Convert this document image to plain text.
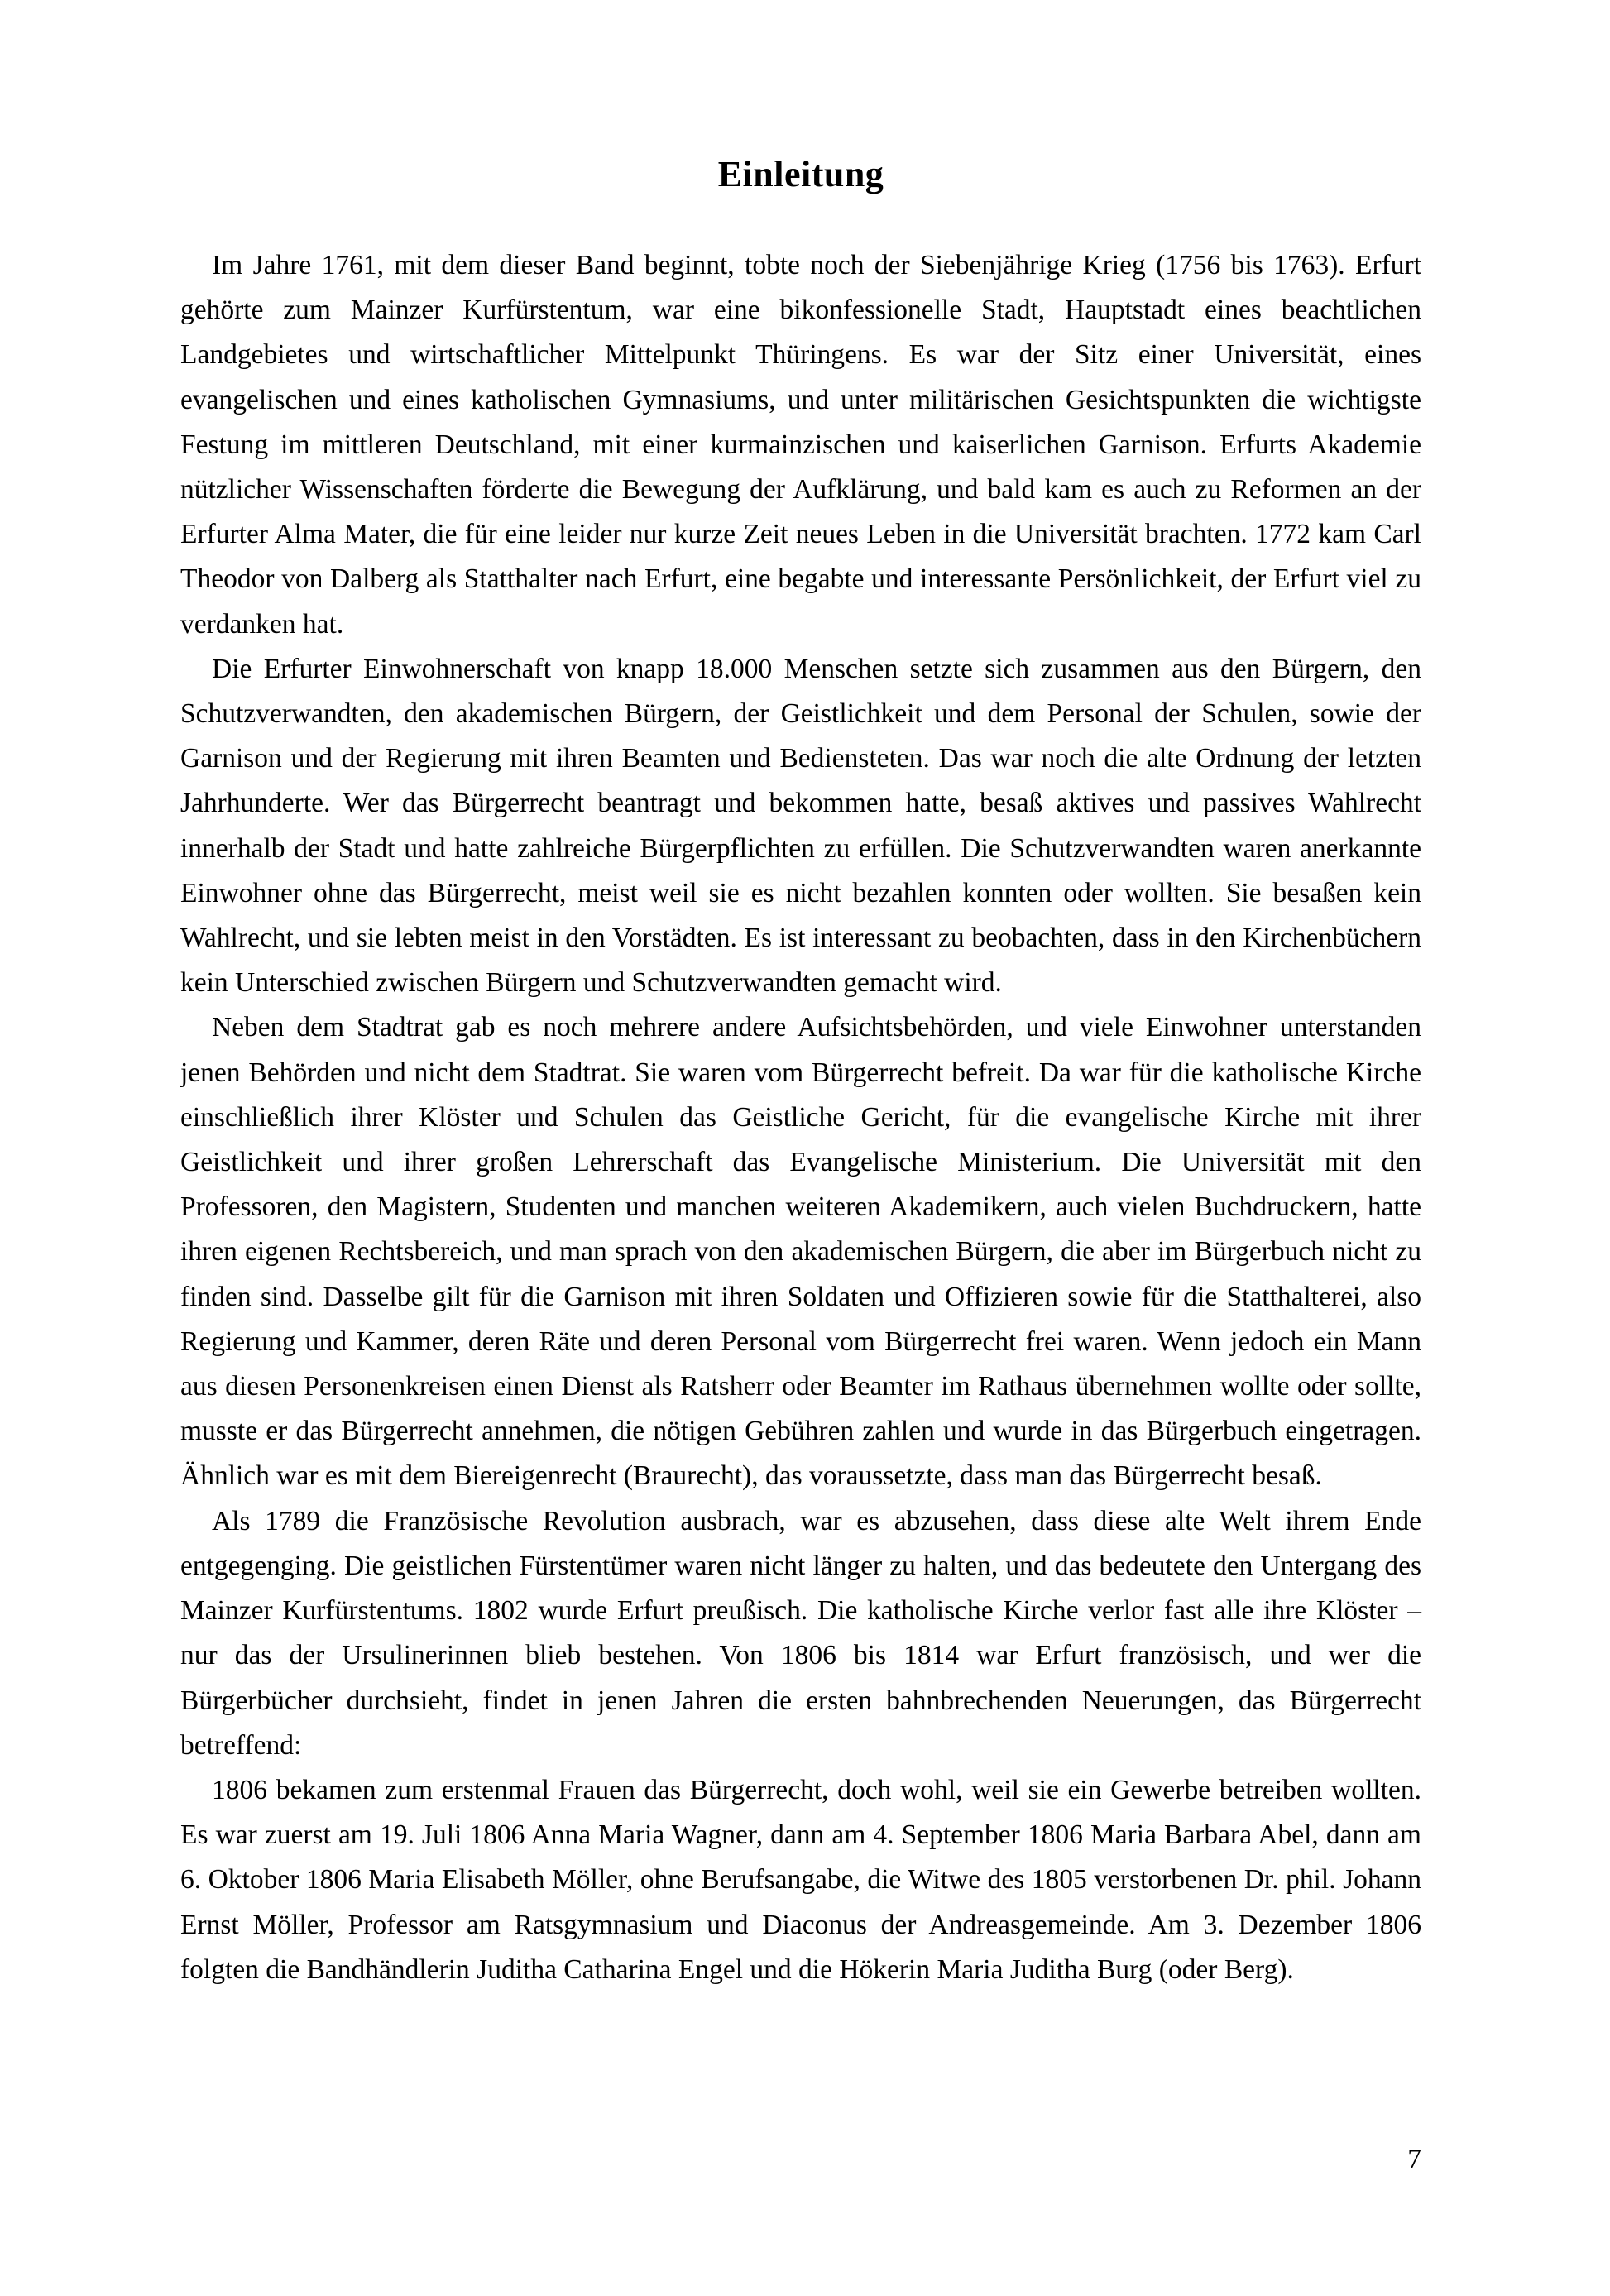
Einleitung

Im Jahre 1761, mit dem dieser Band beginnt, tobte noch der Siebenjährige Krieg (1756 bis 1763). Erfurt gehörte zum Mainzer Kurfürstentum, war eine bikonfessionelle Stadt, Hauptstadt eines beachtlichen Landgebietes und wirtschaftlicher Mittelpunkt Thüringens. Es war der Sitz einer Universität, eines evangelischen und eines katholischen Gymnasiums, und unter militärischen Gesichtspunkten die wichtigste Festung im mittleren Deutschland, mit einer kurmainzischen und kaiserlichen Garnison. Erfurts Akademie nützlicher Wissenschaften förderte die Bewegung der Aufklärung, und bald kam es auch zu Reformen an der Erfurter Alma Mater, die für eine leider nur kurze Zeit neues Leben in die Universität brachten. 1772 kam Carl Theodor von Dalberg als Statthalter nach Erfurt, eine begabte und interessante Persönlichkeit, der Erfurt viel zu verdanken hat.

Die Erfurter Einwohnerschaft von knapp 18.000 Menschen setzte sich zusammen aus den Bürgern, den Schutzverwandten, den akademischen Bürgern, der Geistlichkeit und dem Personal der Schulen, sowie der Garnison und der Regierung mit ihren Beamten und Bediensteten. Das war noch die alte Ordnung der letzten Jahrhunderte. Wer das Bürgerrecht beantragt und bekommen hatte, besaß aktives und passives Wahlrecht innerhalb der Stadt und hatte zahlreiche Bürgerpflichten zu erfüllen. Die Schutzverwandten waren anerkannte Einwohner ohne das Bürgerrecht, meist weil sie es nicht bezahlen konnten oder wollten. Sie besaßen kein Wahlrecht, und sie lebten meist in den Vorstädten. Es ist interessant zu beobachten, dass in den Kirchenbüchern kein Unterschied zwischen Bürgern und Schutzverwandten gemacht wird.

Neben dem Stadtrat gab es noch mehrere andere Aufsichtsbehörden, und viele Einwohner unterstanden jenen Behörden und nicht dem Stadtrat. Sie waren vom Bürgerrecht befreit. Da war für die katholische Kirche einschließlich ihrer Klöster und Schulen das Geistliche Gericht, für die evangelische Kirche mit ihrer Geistlichkeit und ihrer großen Lehrerschaft das Evangelische Ministerium. Die Universität mit den Professoren, den Magistern, Studenten und manchen weiteren Akademikern, auch vielen Buchdruckern, hatte ihren eigenen Rechtsbereich, und man sprach von den akademischen Bürgern, die aber im Bürgerbuch nicht zu finden sind. Dasselbe gilt für die Garnison mit ihren Soldaten und Offizieren sowie für die Statthalterei, also Regierung und Kammer, deren Räte und deren Personal vom Bürgerrecht frei waren. Wenn jedoch ein Mann aus diesen Personenkreisen einen Dienst als Ratsherr oder Beamter im Rathaus übernehmen wollte oder sollte, musste er das Bürgerrecht annehmen, die nötigen Gebühren zahlen und wurde in das Bürgerbuch eingetragen. Ähnlich war es mit dem Biereigenrecht (Braurecht), das voraussetzte, dass man das Bürgerrecht besaß.

Als 1789 die Französische Revolution ausbrach, war es abzusehen, dass diese alte Welt ihrem Ende entgegenging. Die geistlichen Fürstentümer waren nicht länger zu halten, und das bedeutete den Untergang des Mainzer Kurfürstentums. 1802 wurde Erfurt preußisch. Die katholische Kirche verlor fast alle ihre Klöster – nur das der Ursulinerinnen blieb bestehen. Von 1806 bis 1814 war Erfurt französisch, und wer die Bürgerbücher durchsieht, findet in jenen Jahren die ersten bahnbrechenden Neuerungen, das Bürgerrecht betreffend:

1806 bekamen zum erstenmal Frauen das Bürgerrecht, doch wohl, weil sie ein Gewerbe betreiben wollten. Es war zuerst am 19. Juli 1806 Anna Maria Wagner, dann am 4. September 1806 Maria Barbara Abel, dann am 6. Oktober 1806 Maria Elisabeth Möller, ohne Berufsangabe, die Witwe des 1805 verstorbenen Dr. phil. Johann Ernst Möller, Professor am Ratsgymnasium und Diaconus der Andreasgemeinde. Am 3. Dezember 1806 folgten die Bandhändlerin Juditha Catharina Engel und die Hökerin Maria Juditha Burg (oder Berg).

7
